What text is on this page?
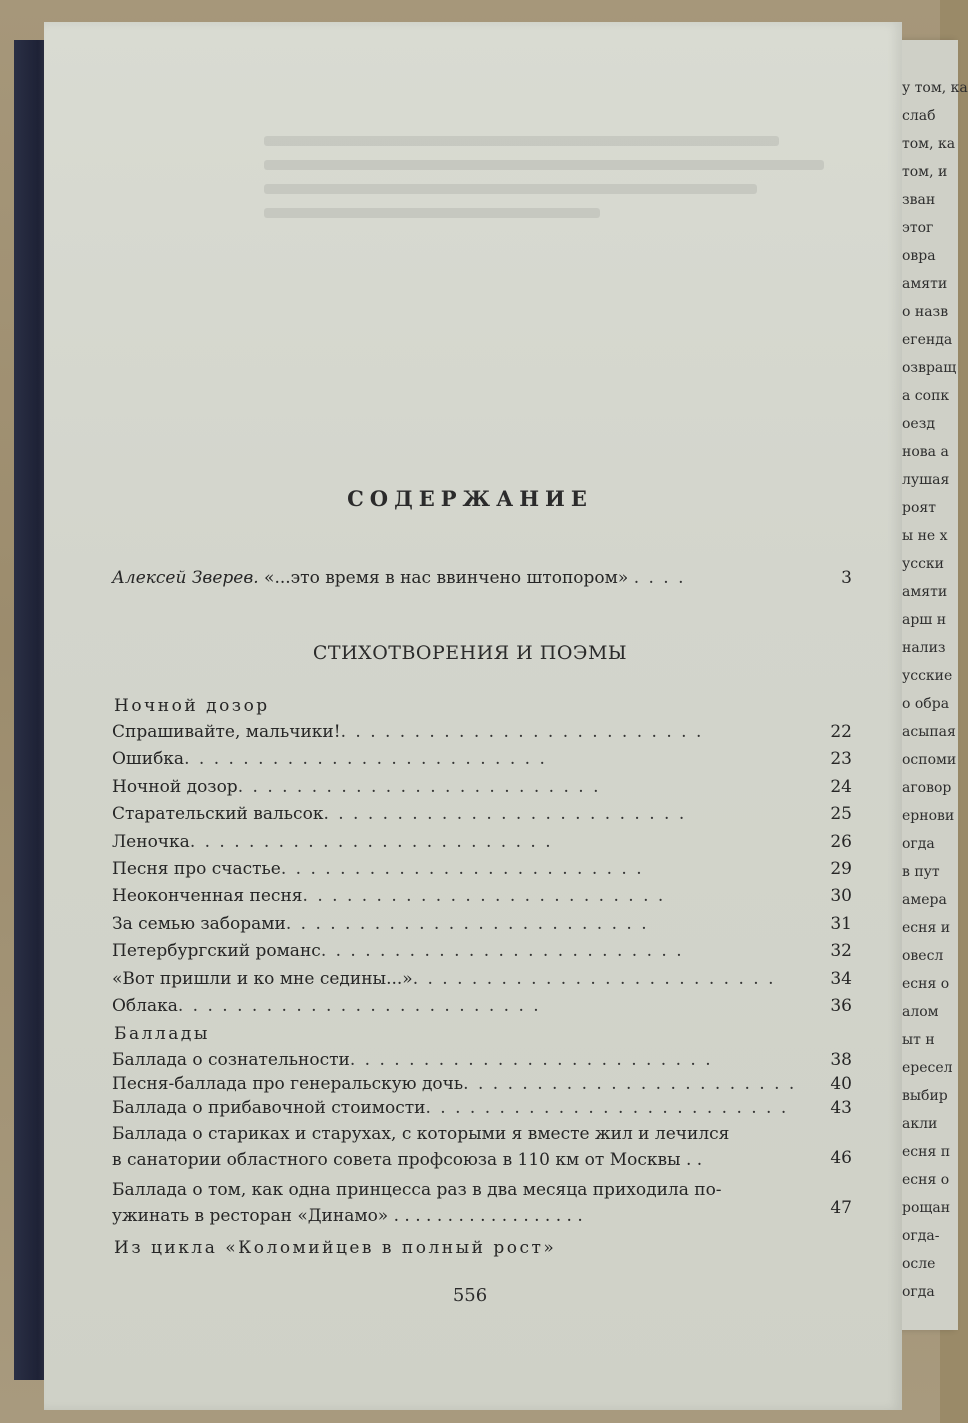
у том, ка
слаб
том, ка
том, и
зван
этог
овра
амяти
о назв
егенда
озвращ
а сопк
оезд
нова а
лушая
роят
ы не х
усски
амяти
арш н
нализ
усские
о обра
асыпая
оспоми
аговор
ернови
огда
в пут
амера
есня и
овесл
есня о
алом
ыт н
ересел
выбир
акли
есня п
есня о
рощан
огда-
осле
огда
СОДЕРЖАНИЕ
Алексей Зверев. «...это время в нас ввинчено штопором» . . . .	3
СТИХОТВОРЕНИЯ И ПОЭМЫ
Ночной дозор
Спрашивайте, мальчики!. . . . . . . . . . . . . . . . . . . . . . . . .	22
Ошибка. . . . . . . . . . . . . . . . . . . . . . . . .	23
Ночной дозор. . . . . . . . . . . . . . . . . . . . . . . . .	24
Старательский вальсок. . . . . . . . . . . . . . . . . . . . . . . . .	25
Леночка. . . . . . . . . . . . . . . . . . . . . . . . .	26
Песня про счастье. . . . . . . . . . . . . . . . . . . . . . . . .	29
Неоконченная песня. . . . . . . . . . . . . . . . . . . . . . . . .	30
За семью заборами. . . . . . . . . . . . . . . . . . . . . . . . .	31
Петербургский романс. . . . . . . . . . . . . . . . . . . . . . . . .	32
«Вот пришли и ко мне седины...». . . . . . . . . . . . . . . . . . . . . . . . .	34
Облака. . . . . . . . . . . . . . . . . . . . . . . . .	36
Баллады
Баллада о сознательности. . . . . . . . . . . . . . . . . . . . . . . . .	38
Песня-баллада про генеральскую дочь. . . . . . . . . . . . . . . . . . . . . . .	40
Баллада о прибавочной стоимости. . . . . . . . . . . . . . . . . . . . . . . . .	43
Баллада о стариках и старухах, с которыми я вместе жил и лечился
в санатории областного совета профсоюза в 110 км от Москвы . .	46
Баллада о том, как одна принцесса раз в два месяца приходила по-
ужинать в ресторан «Динамо» . . . . . . . . . . . . . . . . . .	47
Из цикла «Коломийцев в полный рост»
556
